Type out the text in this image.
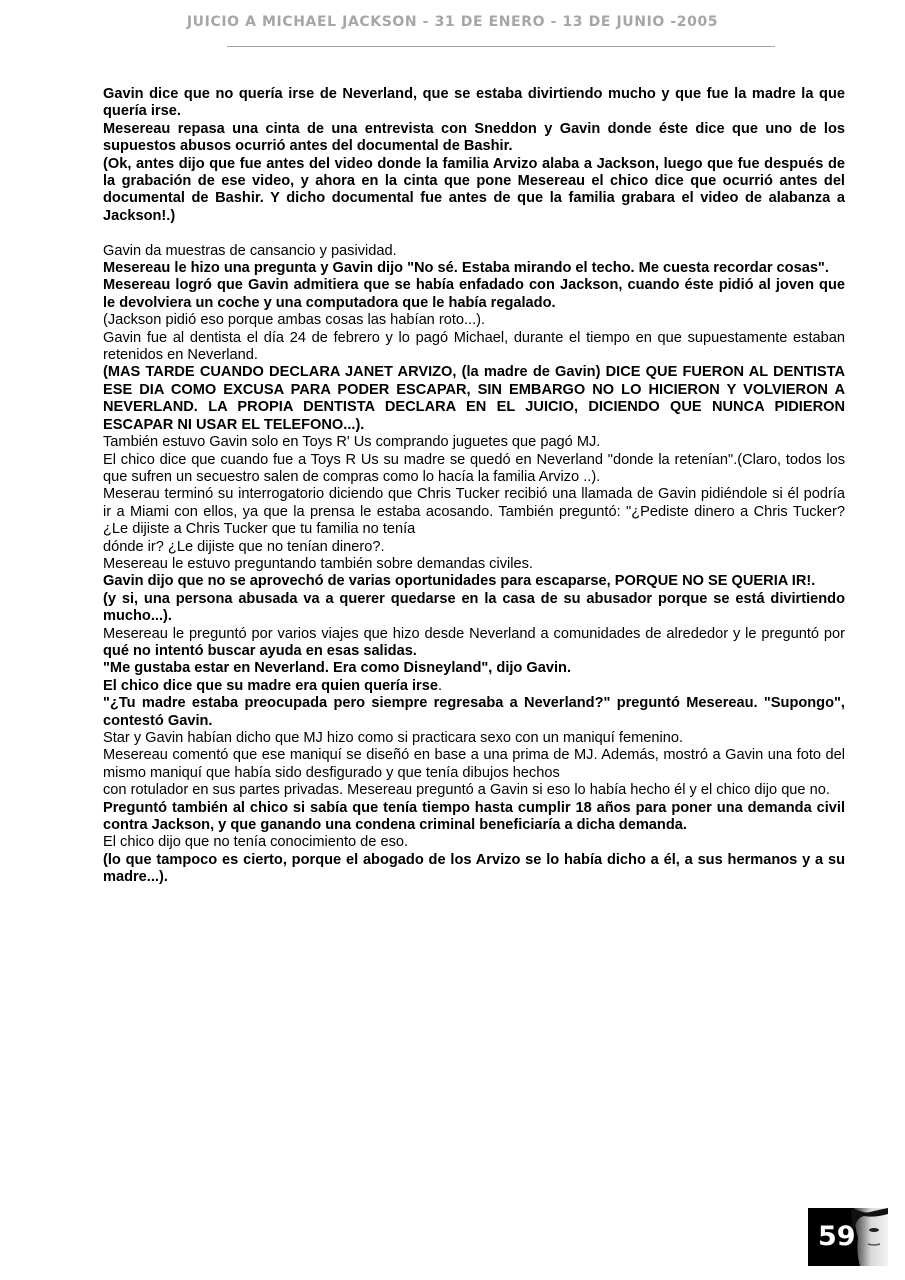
JUICIO A MICHAEL JACKSON - 31 DE ENERO - 13 DE JUNIO -2005

Gavin dice que no quería irse de Neverland, que se estaba divirtiendo mucho y que fue la madre la que quería irse.

Mesereau repasa una cinta de una entrevista con Sneddon y Gavin donde éste dice que uno de los supuestos abusos ocurrió antes del documental de Bashir.

(Ok, antes dijo que fue antes del video donde la familia Arvizo alaba a Jackson, luego que fue después de la grabación de ese video, y ahora en la cinta que pone Mesereau el chico dice que ocurrió antes del documental de Bashir. Y dicho documental fue antes de que la familia grabara el video de alabanza a Jackson!.)

Gavin da muestras de cansancio y pasividad.

Mesereau le hizo una pregunta y Gavin dijo "No sé. Estaba mirando el techo. Me cuesta recordar cosas".

Mesereau logró que Gavin admitiera que se había enfadado con Jackson, cuando éste pidió al joven que le devolviera un coche y una computadora que le había regalado.

(Jackson pidió eso porque ambas cosas las habían roto...).

Gavin fue al dentista el día 24 de febrero y lo pagó Michael, durante el tiempo en que supuestamente estaban retenidos en Neverland.

(MAS TARDE CUANDO DECLARA JANET ARVIZO, (la madre de Gavin) DICE QUE FUERON AL DENTISTA ESE DIA COMO EXCUSA PARA PODER ESCAPAR, SIN EMBARGO NO LO HICIERON Y VOLVIERON A NEVERLAND. LA PROPIA DENTISTA DECLARA EN EL JUICIO, DICIENDO QUE NUNCA PIDIERON ESCAPAR NI USAR EL TELEFONO...).

También estuvo Gavin solo en Toys R' Us comprando juguetes que pagó MJ.

El chico dice que cuando fue a Toys R Us su madre se quedó en Neverland "donde la retenían".(Claro, todos los que sufren un secuestro salen de compras como lo hacía la familia Arvizo ..).

Meserau terminó su interrogatorio diciendo que Chris Tucker recibió una llamada de Gavin pidiéndole si él podría ir a Miami con ellos, ya que la prensa le estaba acosando. También preguntó: "¿Pediste dinero a Chris Tucker? ¿Le dijiste a Chris Tucker que tu familia no tenía

dónde ir? ¿Le dijiste que no tenían dinero?.

Mesereau le estuvo preguntando también sobre demandas civiles.

Gavin dijo que no se aprovechó de varias oportunidades para escaparse, PORQUE NO SE QUERIA IR!.

(y si, una persona abusada va a querer quedarse en la casa de su abusador porque se está divirtiendo mucho...).

Mesereau le preguntó por varios viajes que hizo desde Neverland a comunidades de alrededor y le preguntó por qué no intentó buscar ayuda en esas salidas.

"Me gustaba estar en Neverland. Era como Disneyland", dijo Gavin.

El chico dice que su madre era quien quería irse.

"¿Tu madre estaba preocupada pero siempre regresaba a Neverland?" preguntó Mesereau. "Supongo", contestó Gavin.

Star y Gavin habían dicho que MJ hizo como si practicara sexo con un maniquí femenino.

Mesereau comentó que ese maniquí se diseñó en base a una prima de MJ. Además, mostró a Gavin una foto del mismo maniquí que había sido desfigurado y que tenía dibujos hechos

con rotulador en sus partes privadas. Mesereau preguntó a Gavin si eso lo había hecho él y el chico dijo que no.

Preguntó también al chico si sabía que tenía tiempo hasta cumplir 18 años para poner una demanda civil contra Jackson, y que ganando una condena criminal beneficiaría a dicha demanda.

El chico dijo que no tenía conocimiento de eso.

(lo que tampoco es cierto, porque el abogado de los Arvizo se lo había dicho a él, a sus hermanos y a su madre...).

59
